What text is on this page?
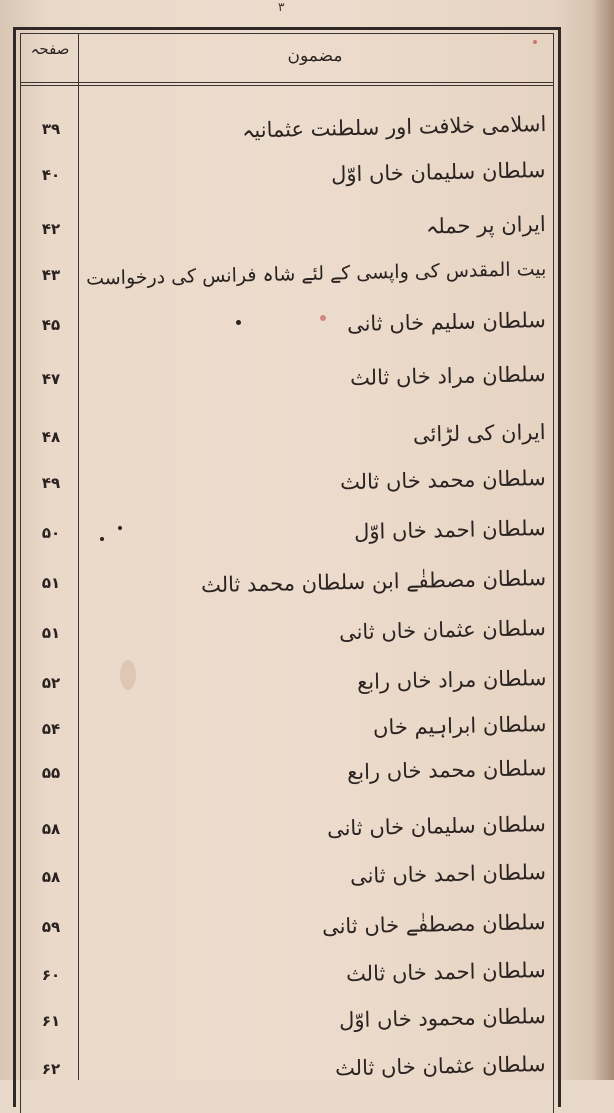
۳
صفحہ	مضمون
اسلامی خلافت اور سلطنت عثمانیہ
۳۹
سلطان سلیمان خاں اوّل
۴۰
ایران پر حملہ
۴۲
بیت المقدس کی واپسی کے لئے شاہ فرانس کی درخواست
۴۳
سلطان سلیم خاں ثانی
۴۵
سلطان مراد خاں ثالث
۴۷
ایران کی لڑائی
۴۸
سلطان محمد خاں ثالث
۴۹
سلطان احمد خاں اوّل
۵۰
سلطان مصطفٰے ابن سلطان محمد ثالث
۵۱
سلطان عثمان خاں ثانی
۵۱
سلطان مراد خاں رابع
۵۲
سلطان ابراہیم خاں
۵۴
سلطان محمد خاں رابع
۵۵
سلطان سلیمان خاں ثانی
۵۸
سلطان احمد خاں ثانی
۵۸
سلطان مصطفٰے خاں ثانی
۵۹
سلطان احمد خاں ثالث
۶۰
سلطان محمود خاں اوّل
۶۱
سلطان عثمان خاں ثالث
۶۲
